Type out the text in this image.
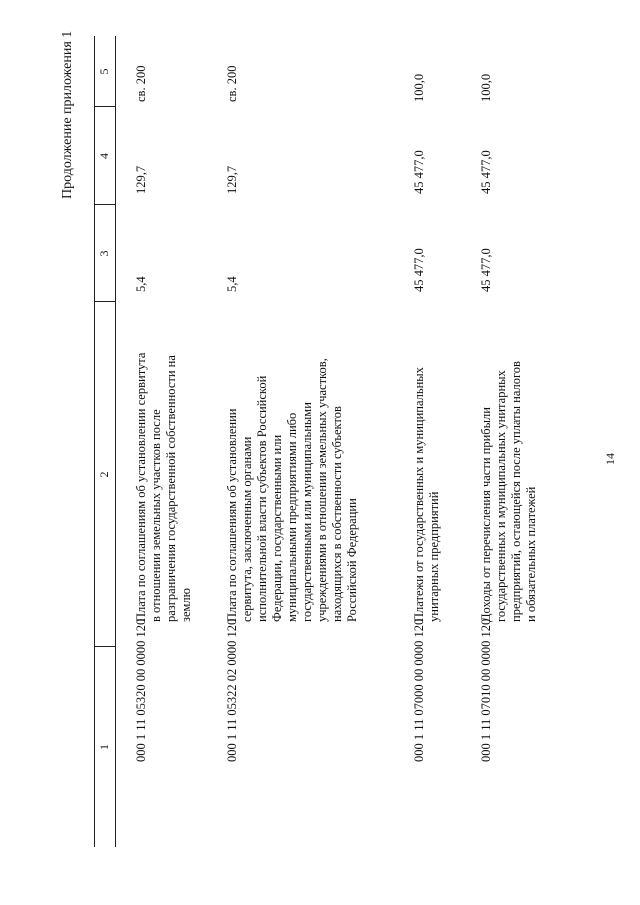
14
Продолжение приложения 1
1
2
3
4
5
000 1 11 05320 00 0000 120
Плата по соглашениям об установлении сервитута в отношении земельных участков после разграничения государственной собственности на землю
5,4
129,7
св. 200
000 1 11 05322 02 0000 120
Плата по соглашениям об установлении сервитута, заключенным органами исполнительной власти субъектов Российской Федерации, государственными или муниципальными предприятиями либо государственными или муниципальными учреждениями в отношении земельных участков, находящихся в собственности субъектов Российской Федерации
5,4
129,7
св. 200
000 1 11 07000 00 0000 120
Платежи от государственных и муниципальных унитарных предприятий
45 477,0
45 477,0
100,0
000 1 11 07010 00 0000 120
Доходы от перечисления части прибыли государственных и муниципальных унитарных предприятий, остающейся после уплаты налогов и обязательных платежей
45 477,0
45 477,0
100,0
